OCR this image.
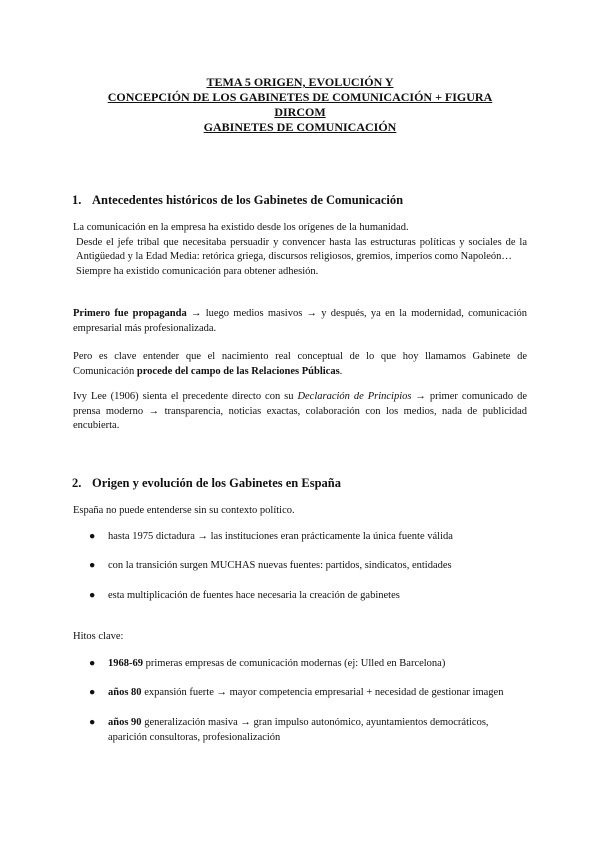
TEMA 5 ORIGEN, EVOLUCIÓN Y
CONCEPCIÓN DE LOS GABINETES DE COMUNICACIÓN + FIGURA
DIRCOM
GABINETES DE COMUNICACIÓN
1. Antecedentes históricos de los Gabinetes de Comunicación
La comunicación en la empresa ha existido desde los orígenes de la humanidad.
Desde el jefe tribal que necesitaba persuadir y convencer hasta las estructuras políticas y sociales de la Antigüedad y la Edad Media: retórica griega, discursos religiosos, gremios, imperios como Napoleón…
Siempre ha existido comunicación para obtener adhesión.
Primero fue propaganda → luego medios masivos → y después, ya en la modernidad, comunicación empresarial más profesionalizada.
Pero es clave entender que el nacimiento real conceptual de lo que hoy llamamos Gabinete de Comunicación procede del campo de las Relaciones Públicas.
Ivy Lee (1906) sienta el precedente directo con su Declaración de Principios → primer comunicado de prensa moderno → transparencia, noticias exactas, colaboración con los medios, nada de publicidad encubierta.
2. Origen y evolución de los Gabinetes en España
España no puede entenderse sin su contexto político.
● hasta 1975 dictadura → las instituciones eran prácticamente la única fuente válida
● con la transición surgen MUCHAS nuevas fuentes: partidos, sindicatos, entidades
● esta multiplicación de fuentes hace necesaria la creación de gabinetes
Hitos clave:
● 1968-69 primeras empresas de comunicación modernas (ej: Ulled en Barcelona)
● años 80 expansión fuerte → mayor competencia empresarial + necesidad de gestionar imagen
● años 90 generalización masiva → gran impulso autonómico, ayuntamientos democráticos, aparición consultoras, profesionalización
